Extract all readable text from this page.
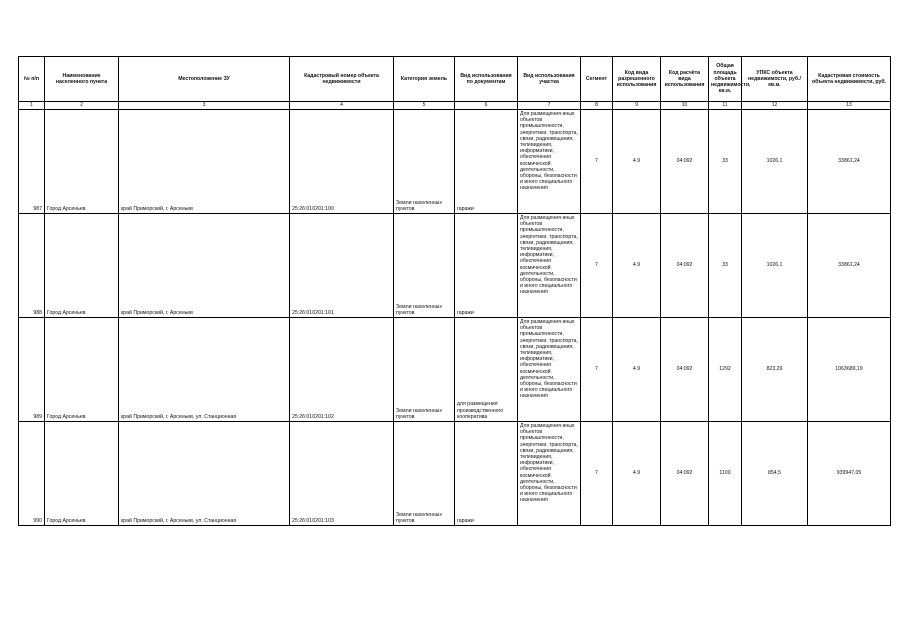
№ п/п	Наименование населенного пункта	Местоположение ЗУ	Кадастровый номер объекта недвижимости	Категория земель	Вид использования по документам	Вид использования участка	Сегмент	Код вида разрешенного использования	Код расчёта вида использования	Общая площадь объекта недвижимости, кв.м.	УПКС объекта недвижимости, руб./кв.м.	Кадастровая стоимость объекта недвижимости, руб.
1	2	3	4	5	6	7	8	9	10	11	12	13
987	Город Арсеньев	край Приморский, г. Арсеньев	25:26:010201:100	Земли населенных пунктов	гаражи	Для размещения иных объектов промышленности, энергетики, транспорта, связи, радиовещания, телевидения, информатики, обеспечения космической деятельности, обороны, безопасности и иного специального назначения	7	4.9	04:092	33	1026,1	33861,24
988	Город Арсеньев	край Приморский, г. Арсеньев	25:26:010201:101	Земли населенных пунктов	гаражи	Для размещения иных объектов промышленности, энергетики, транспорта, связи, радиовещания, телевидения, информатики, обеспечения космической деятельности, обороны, безопасности и иного специального назначения	7	4.9	04:092	33	1026,1	33861,24
989	Город Арсеньев	край Приморский, г. Арсеньев, ул. Станционная	25:26:010201:102	Земли населенных пунктов	для размещения производственного кооператива	Для размещения иных объектов промышленности, энергетики, транспорта, связи, радиовещания, телевидения, информатики, обеспечения космической деятельности, обороны, безопасности и иного специального назначения	7	4.9	04:092	1292	823,29	1063689,19
990	Город Арсеньев	край Приморский, г. Арсеньев, ул. Станционная	25:26:010201:103	Земли населенных пунктов	гаражи	Для размещения иных объектов промышленности, энергетики, транспорта, связи, радиовещания, телевидения, информатики, обеспечения космической деятельности, обороны, безопасности и иного специального назначения	7	4.9	04:092	1100	854,5	939947,05
